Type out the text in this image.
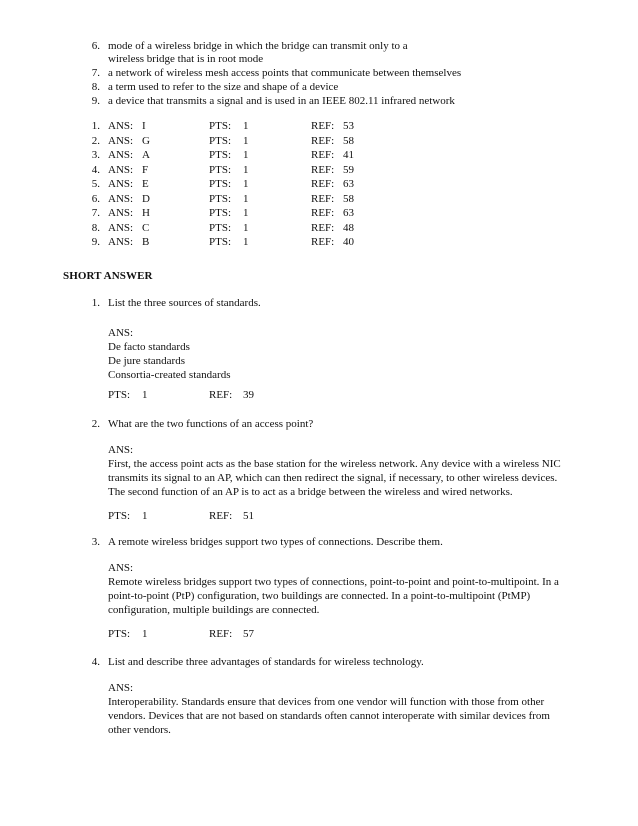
6. mode of a wireless bridge in which the bridge can transmit only to a
wireless bridge that is in root mode
7. a network of wireless mesh access points that communicate between themselves
8. a term used to refer to the size and shape of a device
9. a device that transmits a signal and is used in an IEEE 802.11 infrared network
1. ANS: I	PTS: 1	REF: 53
2. ANS: G	PTS: 1	REF: 58
3. ANS: A	PTS: 1	REF: 41
4. ANS: F	PTS: 1	REF: 59
5. ANS: E	PTS: 1	REF: 63
6. ANS: D	PTS: 1	REF: 58
7. ANS: H	PTS: 1	REF: 63
8. ANS: C	PTS: 1	REF: 48
9. ANS: B	PTS: 1	REF: 40
SHORT ANSWER
1. List the three sources of standards.
ANS:
De facto standards
De jure standards
Consortia-created standards
PTS: 1	REF: 39
2. What are the two functions of an access point?
ANS:
First, the access point acts as the base station for the wireless network. Any device with a wireless NIC
transmits its signal to an AP, which can then redirect the signal, if necessary, to other wireless devices.
The second function of an AP is to act as a bridge between the wireless and wired networks.
PTS: 1	REF: 51
3. A remote wireless bridges support two types of connections. Describe them.
ANS:
Remote wireless bridges support two types of connections, point-to-point and point-to-multipoint. In a
point-to-point (PtP) configuration, two buildings are connected. In a point-to-multipoint (PtMP)
configuration, multiple buildings are connected.
PTS: 1	REF: 57
4. List and describe three advantages of standards for wireless technology.
ANS:
Interoperability. Standards ensure that devices from one vendor will function with those from other
vendors. Devices that are not based on standards often cannot interoperate with similar devices from
other vendors.
